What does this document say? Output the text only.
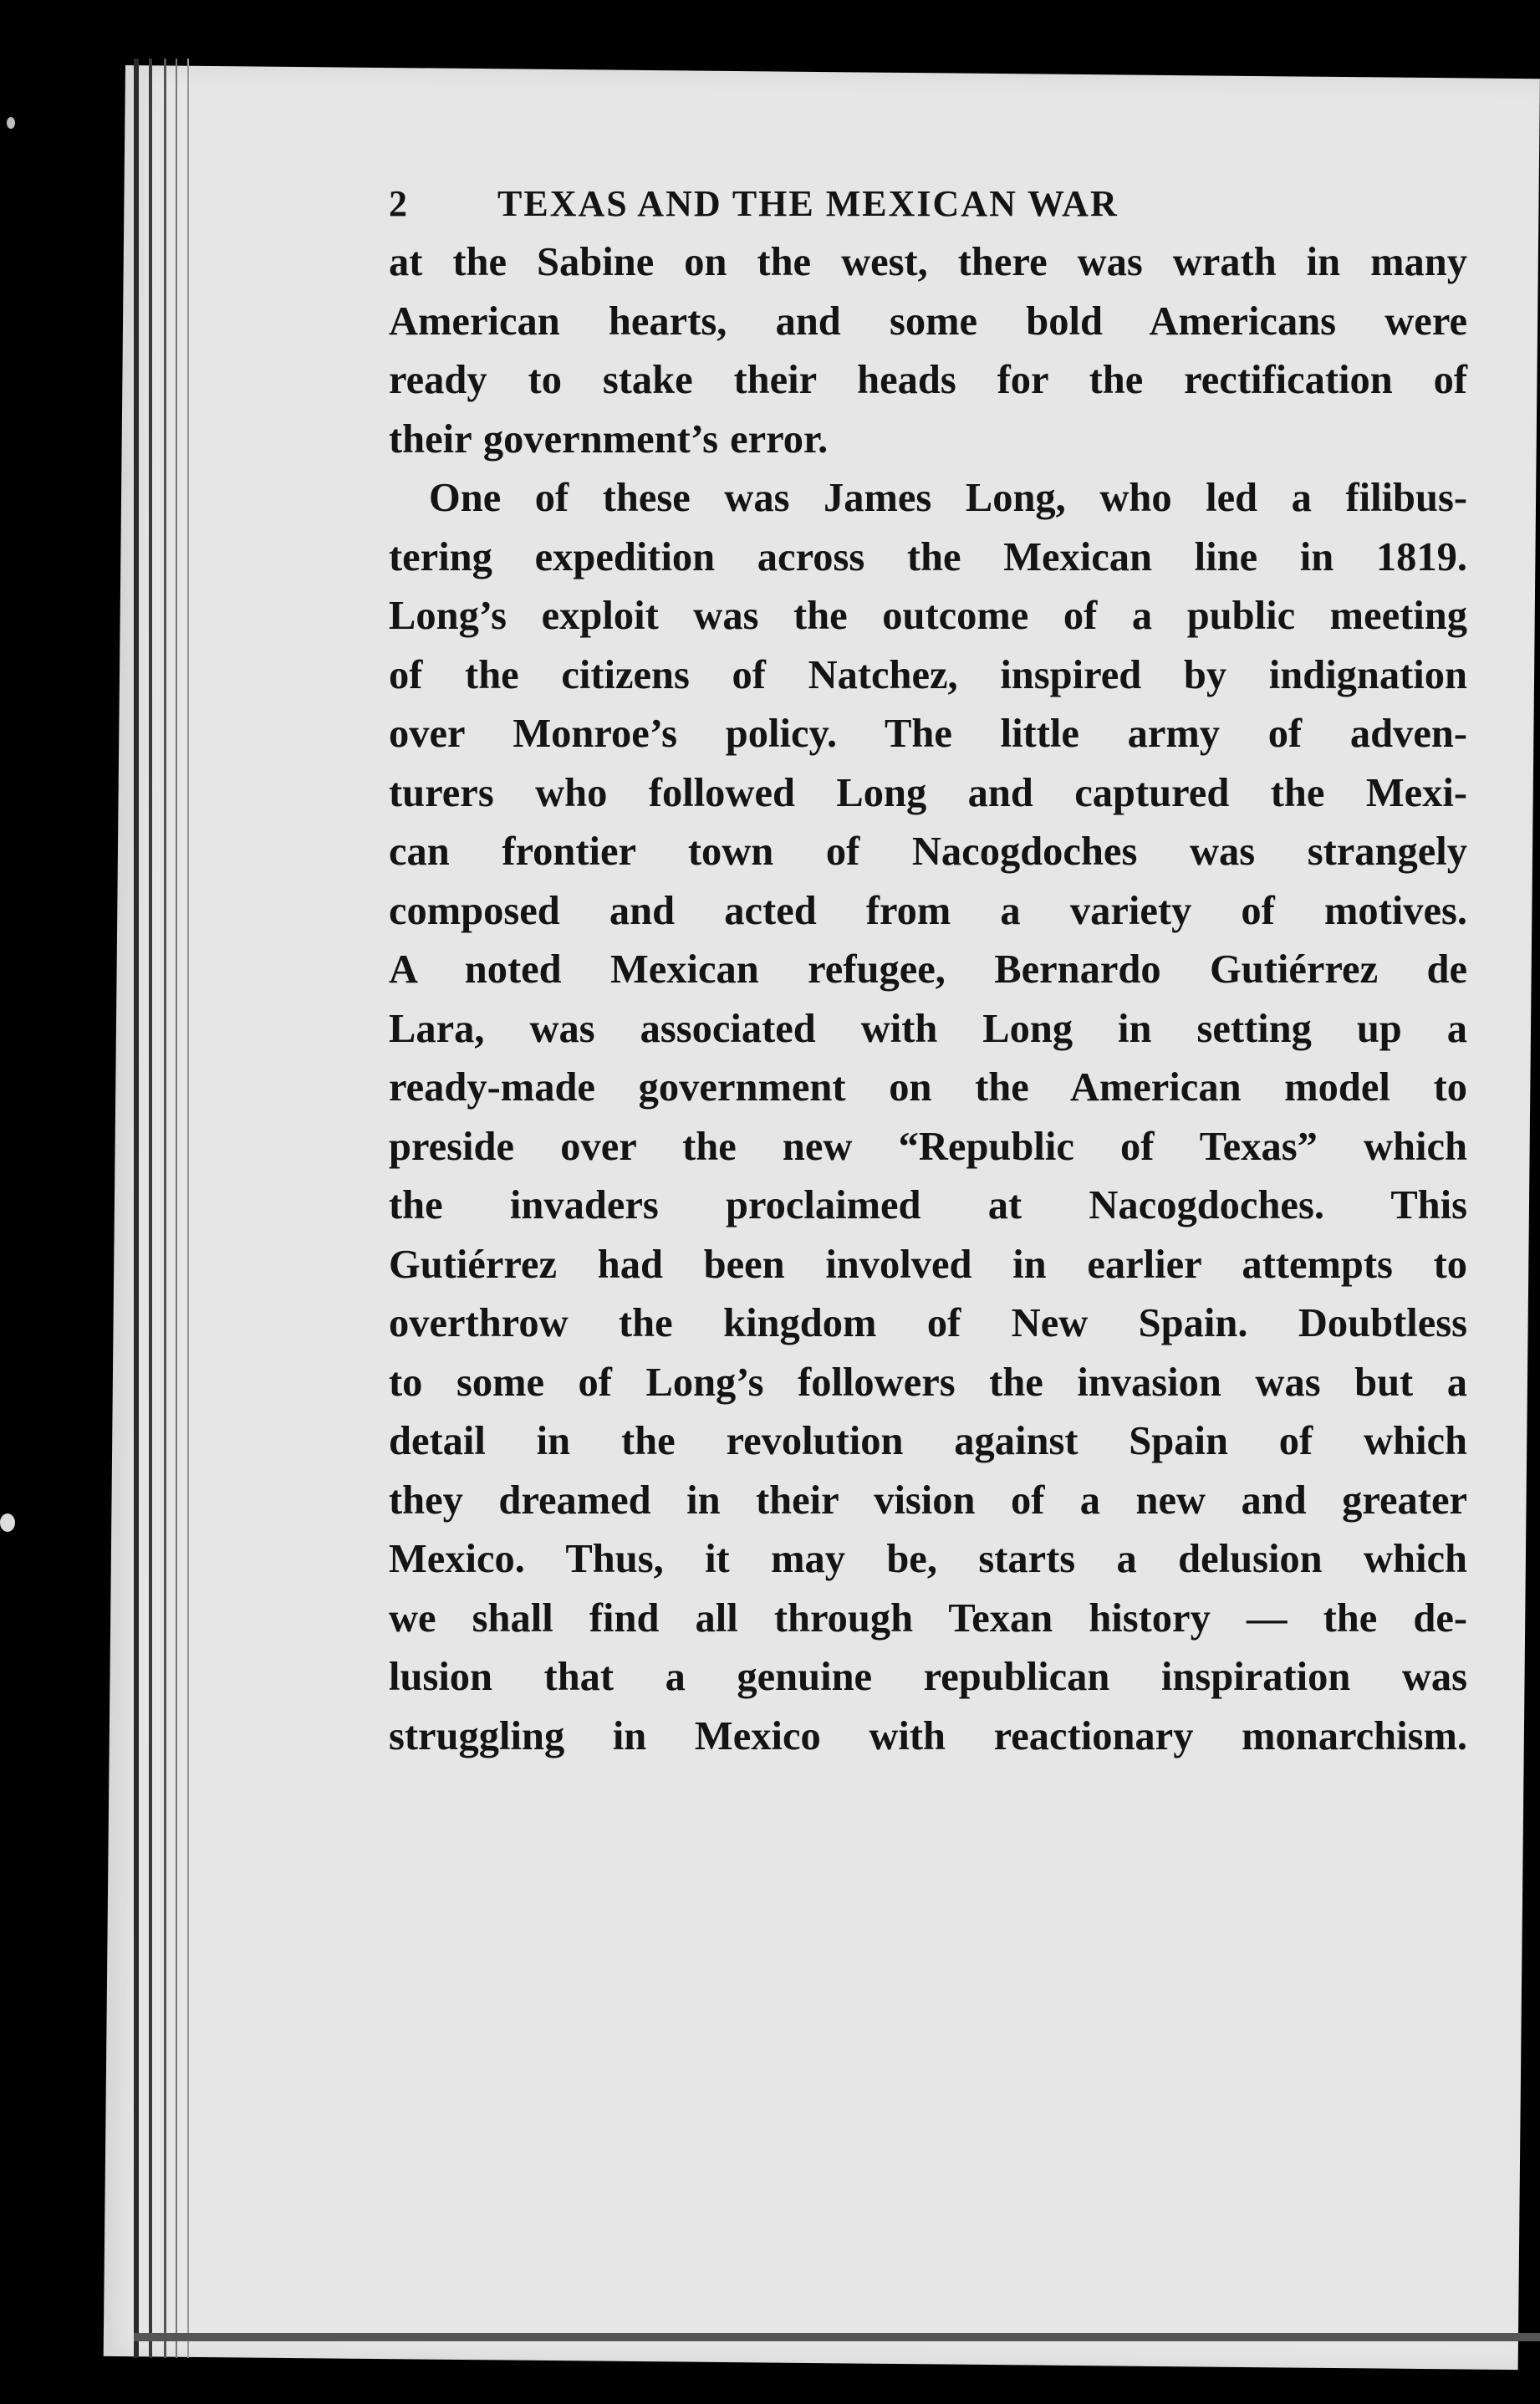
2	TEXAS AND THE MEXICAN WAR

at the Sabine on the west, there was wrath in many
American hearts, and some bold Americans were
ready to stake their heads for the rectification of
their government’s error.

One of these was James Long, who led a filibus-
tering expedition across the Mexican line in 1819.
Long’s exploit was the outcome of a public meeting
of the citizens of Natchez, inspired by indignation
over Monroe’s policy. The little army of adven-
turers who followed Long and captured the Mexi-
can frontier town of Nacogdoches was strangely
composed and acted from a variety of motives.
A noted Mexican refugee, Bernardo Gutiérrez de
Lara, was associated with Long in setting up a
ready-made government on the American model to
preside over the new “Republic of Texas” which
the invaders proclaimed at Nacogdoches. This
Gutiérrez had been involved in earlier attempts to
overthrow the kingdom of New Spain. Doubtless
to some of Long’s followers the invasion was but a
detail in the revolution against Spain of which
they dreamed in their vision of a new and greater
Mexico. Thus, it may be, starts a delusion which
we shall find all through Texan history — the de-
lusion that a genuine republican inspiration was
struggling in Mexico with reactionary monarchism.
